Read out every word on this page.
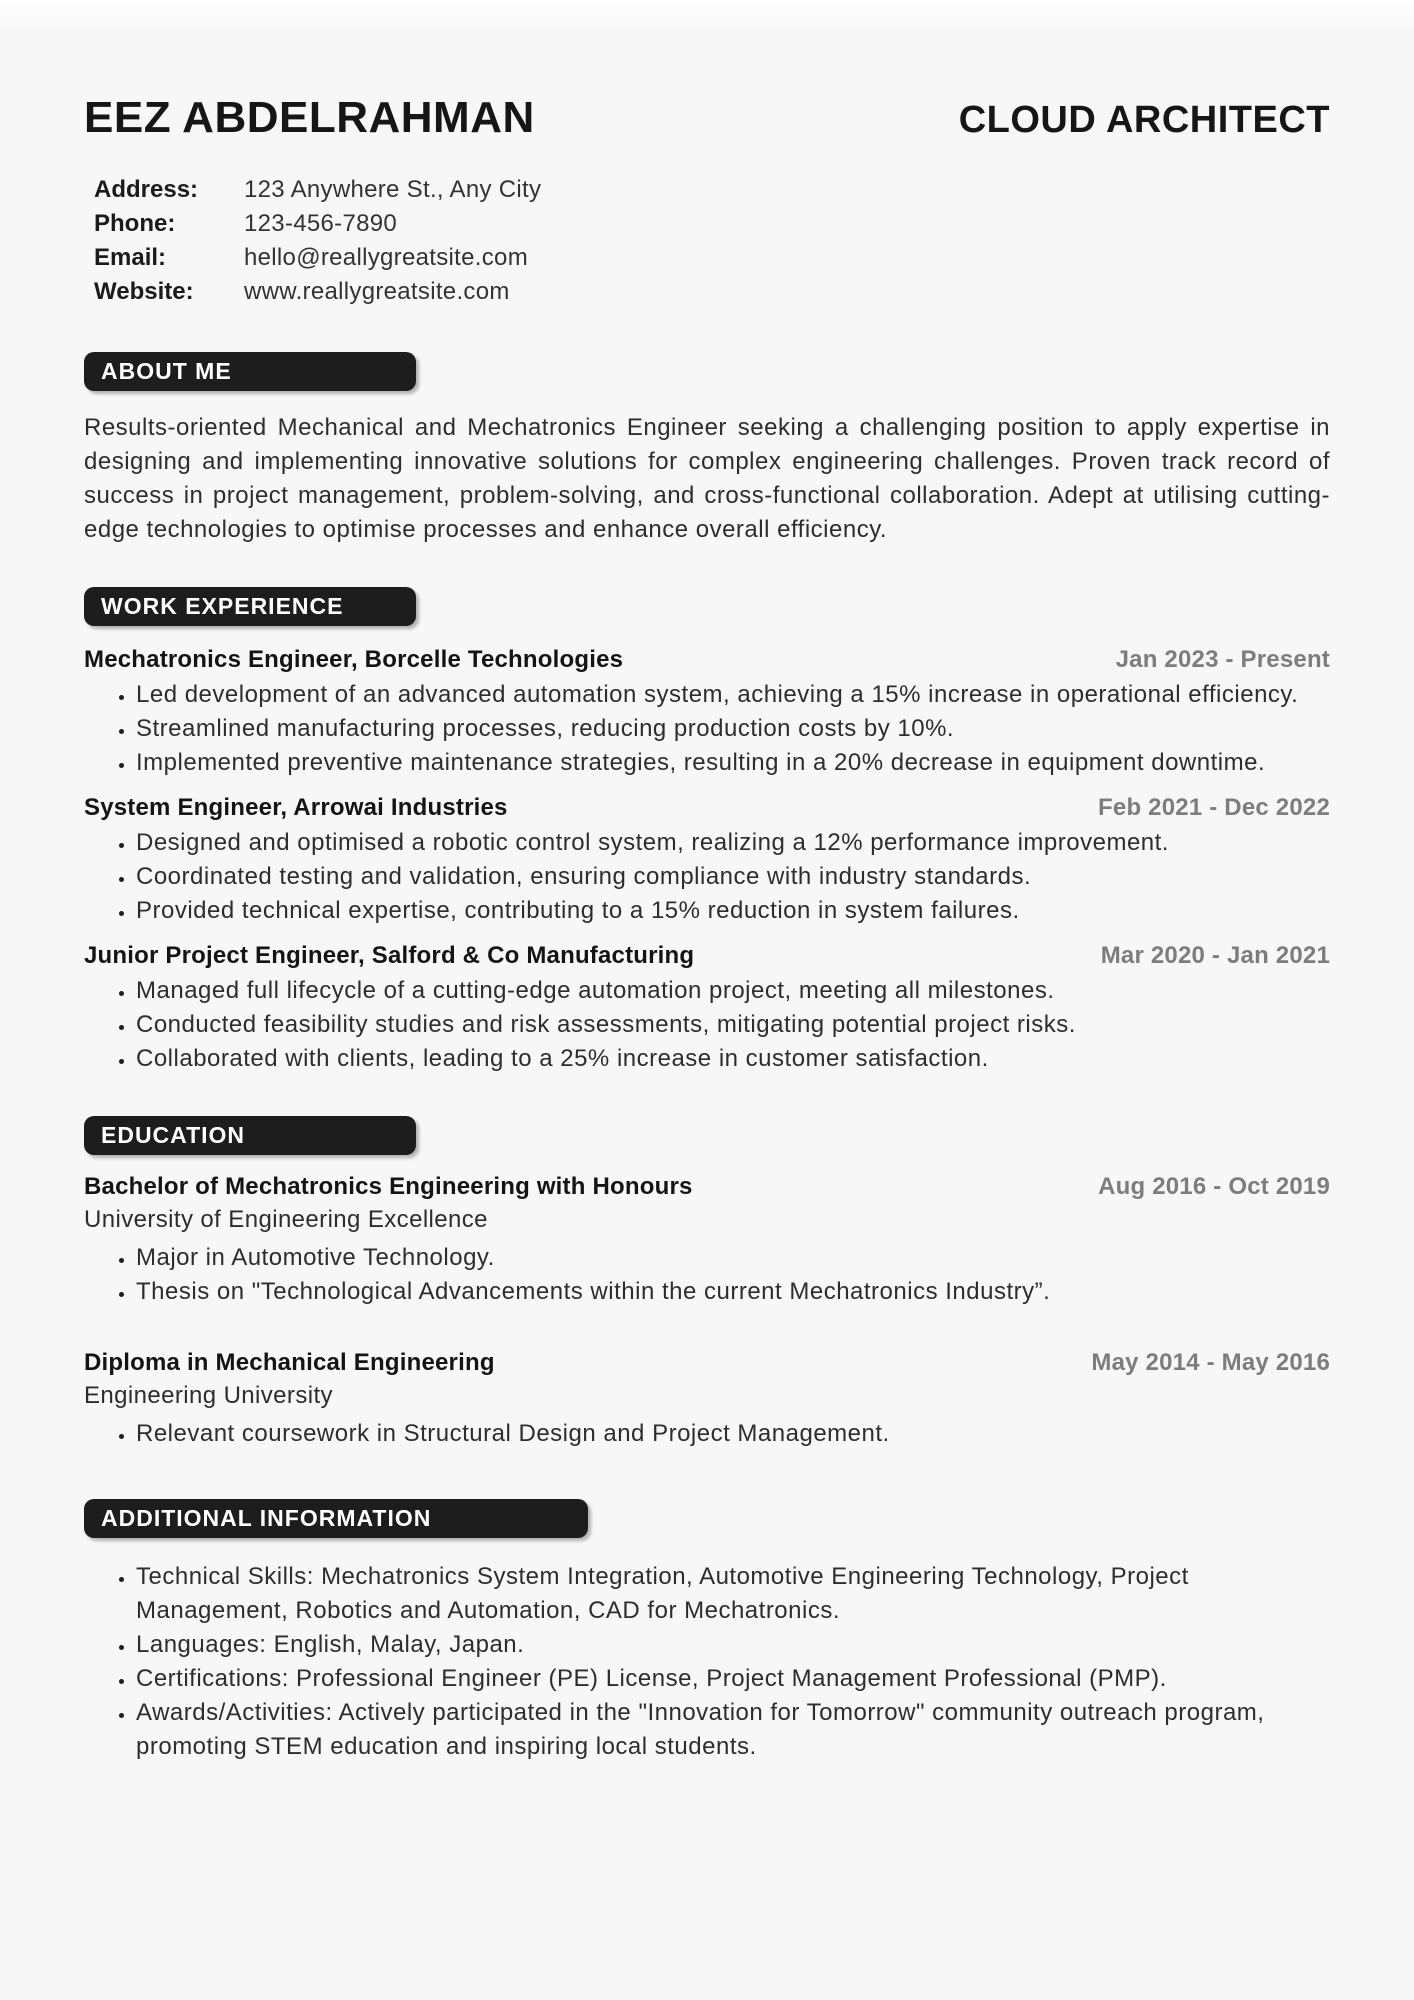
EEZ ABDELRAHMAN	CLOUD ARCHITECT
Address:	123 Anywhere St., Any City
Phone:	123-456-7890
Email:	hello@reallygreatsite.com
Website:	www.reallygreatsite.com
ABOUT ME

Results-oriented Mechanical and Mechatronics Engineer seeking a challenging position to apply expertise in designing and implementing innovative solutions for complex engineering challenges. Proven track record of success in project management, problem-solving, and cross-functional collaboration. Adept at utilising cutting-edge technologies to optimise processes and enhance overall efficiency.

WORK EXPERIENCE
Mechatronics Engineer, Borcelle Technologies	Jan 2023 - Present
• Led development of an advanced automation system, achieving a 15% increase in operational efficiency.
• Streamlined manufacturing processes, reducing production costs by 10%.
• Implemented preventive maintenance strategies, resulting in a 20% decrease in equipment downtime.
System Engineer, Arrowai Industries	Feb 2021 - Dec 2022
• Designed and optimised a robotic control system, realizing a 12% performance improvement.
• Coordinated testing and validation, ensuring compliance with industry standards.
• Provided technical expertise, contributing to a 15% reduction in system failures.
Junior Project Engineer, Salford & Co Manufacturing	Mar 2020 - Jan 2021
• Managed full lifecycle of a cutting-edge automation project, meeting all milestones.
• Conducted feasibility studies and risk assessments, mitigating potential project risks.
• Collaborated with clients, leading to a 25% increase in customer satisfaction.
EDUCATION
Bachelor of Mechatronics Engineering with Honours	Aug 2016 - Oct 2019
University of Engineering Excellence
• Major in Automotive Technology.
• Thesis on "Technological Advancements within the current Mechatronics Industry”.
Diploma in Mechanical Engineering	May 2014 - May 2016
Engineering University
• Relevant coursework in Structural Design and Project Management.
ADDITIONAL INFORMATION
• Technical Skills: Mechatronics System Integration, Automotive Engineering Technology, Project Management, Robotics and Automation, CAD for Mechatronics.
• Languages: English, Malay, Japan.
• Certifications: Professional Engineer (PE) License, Project Management Professional (PMP).
• Awards/Activities: Actively participated in the "Innovation for Tomorrow" community outreach program, promoting STEM education and inspiring local students.
